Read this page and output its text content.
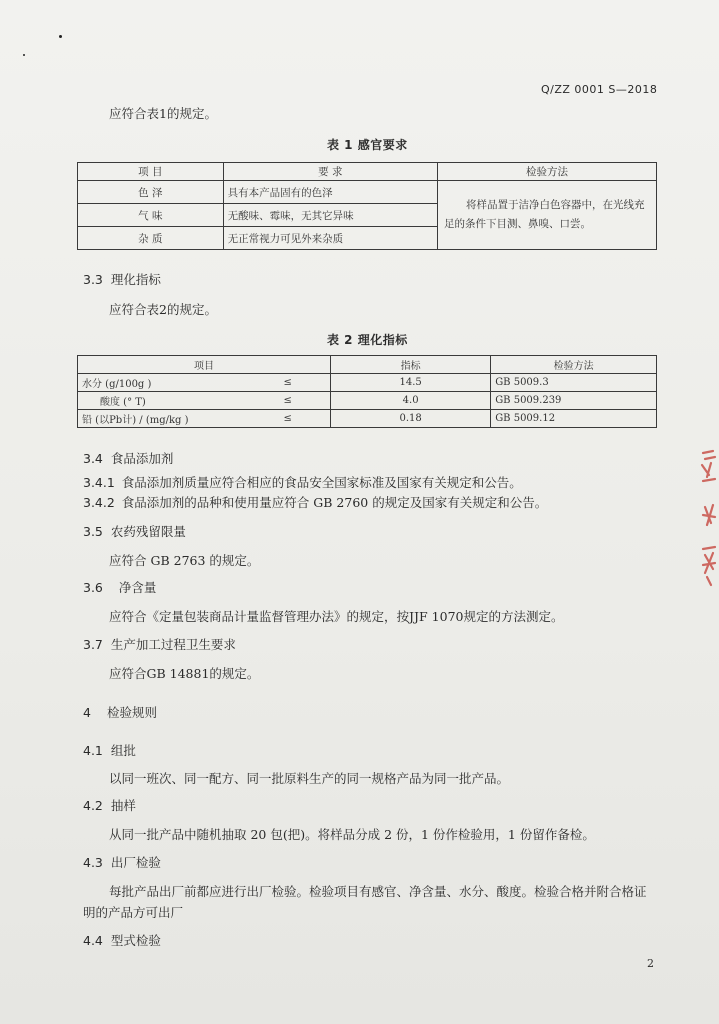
Q/ZZ 0001 S—2018
应符合表1的规定。
表 1 感官要求
项 目	要 求	检验方法
色 泽	具有本产品固有的色泽	将样品置于洁净白色容器中，在光线充
足的条件下目测、鼻嗅、口尝。

气 味	无酸味、霉味，无其它异味	
杂 质	无正常视力可见外来杂质	
3.3 理化指标
应符合表2的规定。
表 2 理化指标
项目		指标	检验方法
水分 (g/100g )	≤	14.5	GB 5009.3
酸度 (° T)	≤	4.0	GB 5009.239
铅 (以Pb计) / (mg/kg )	≤	0.18	GB 5009.12
3.4 食品添加剂
3.4.1 食品添加剂质量应符合相应的食品安全国家标准及国家有关规定和公告。
3.4.2 食品添加剂的品种和使用量应符合 GB 2760 的规定及国家有关规定和公告。
3.5 农药残留限量
应符合 GB 2763 的规定。
3.6 净含量
应符合《定量包装商品计量监督管理办法》的规定，按JJF 1070规定的方法测定。
3.7 生产加工过程卫生要求
应符合GB 14881的规定。
4 检验规则
4.1 组批
以同一班次、同一配方、同一批原料生产的同一规格产品为同一批产品。
4.2 抽样
从同一批产品中随机抽取 20 包(把)。将样品分成 2 份，1 份作检验用，1 份留作备检。
4.3 出厂检验
每批产品出厂前都应进行出厂检验。检验项目有感官、净含量、水分、酸度。检验合格并附合格证
明的产品方可出厂
4.4 型式检验
2
